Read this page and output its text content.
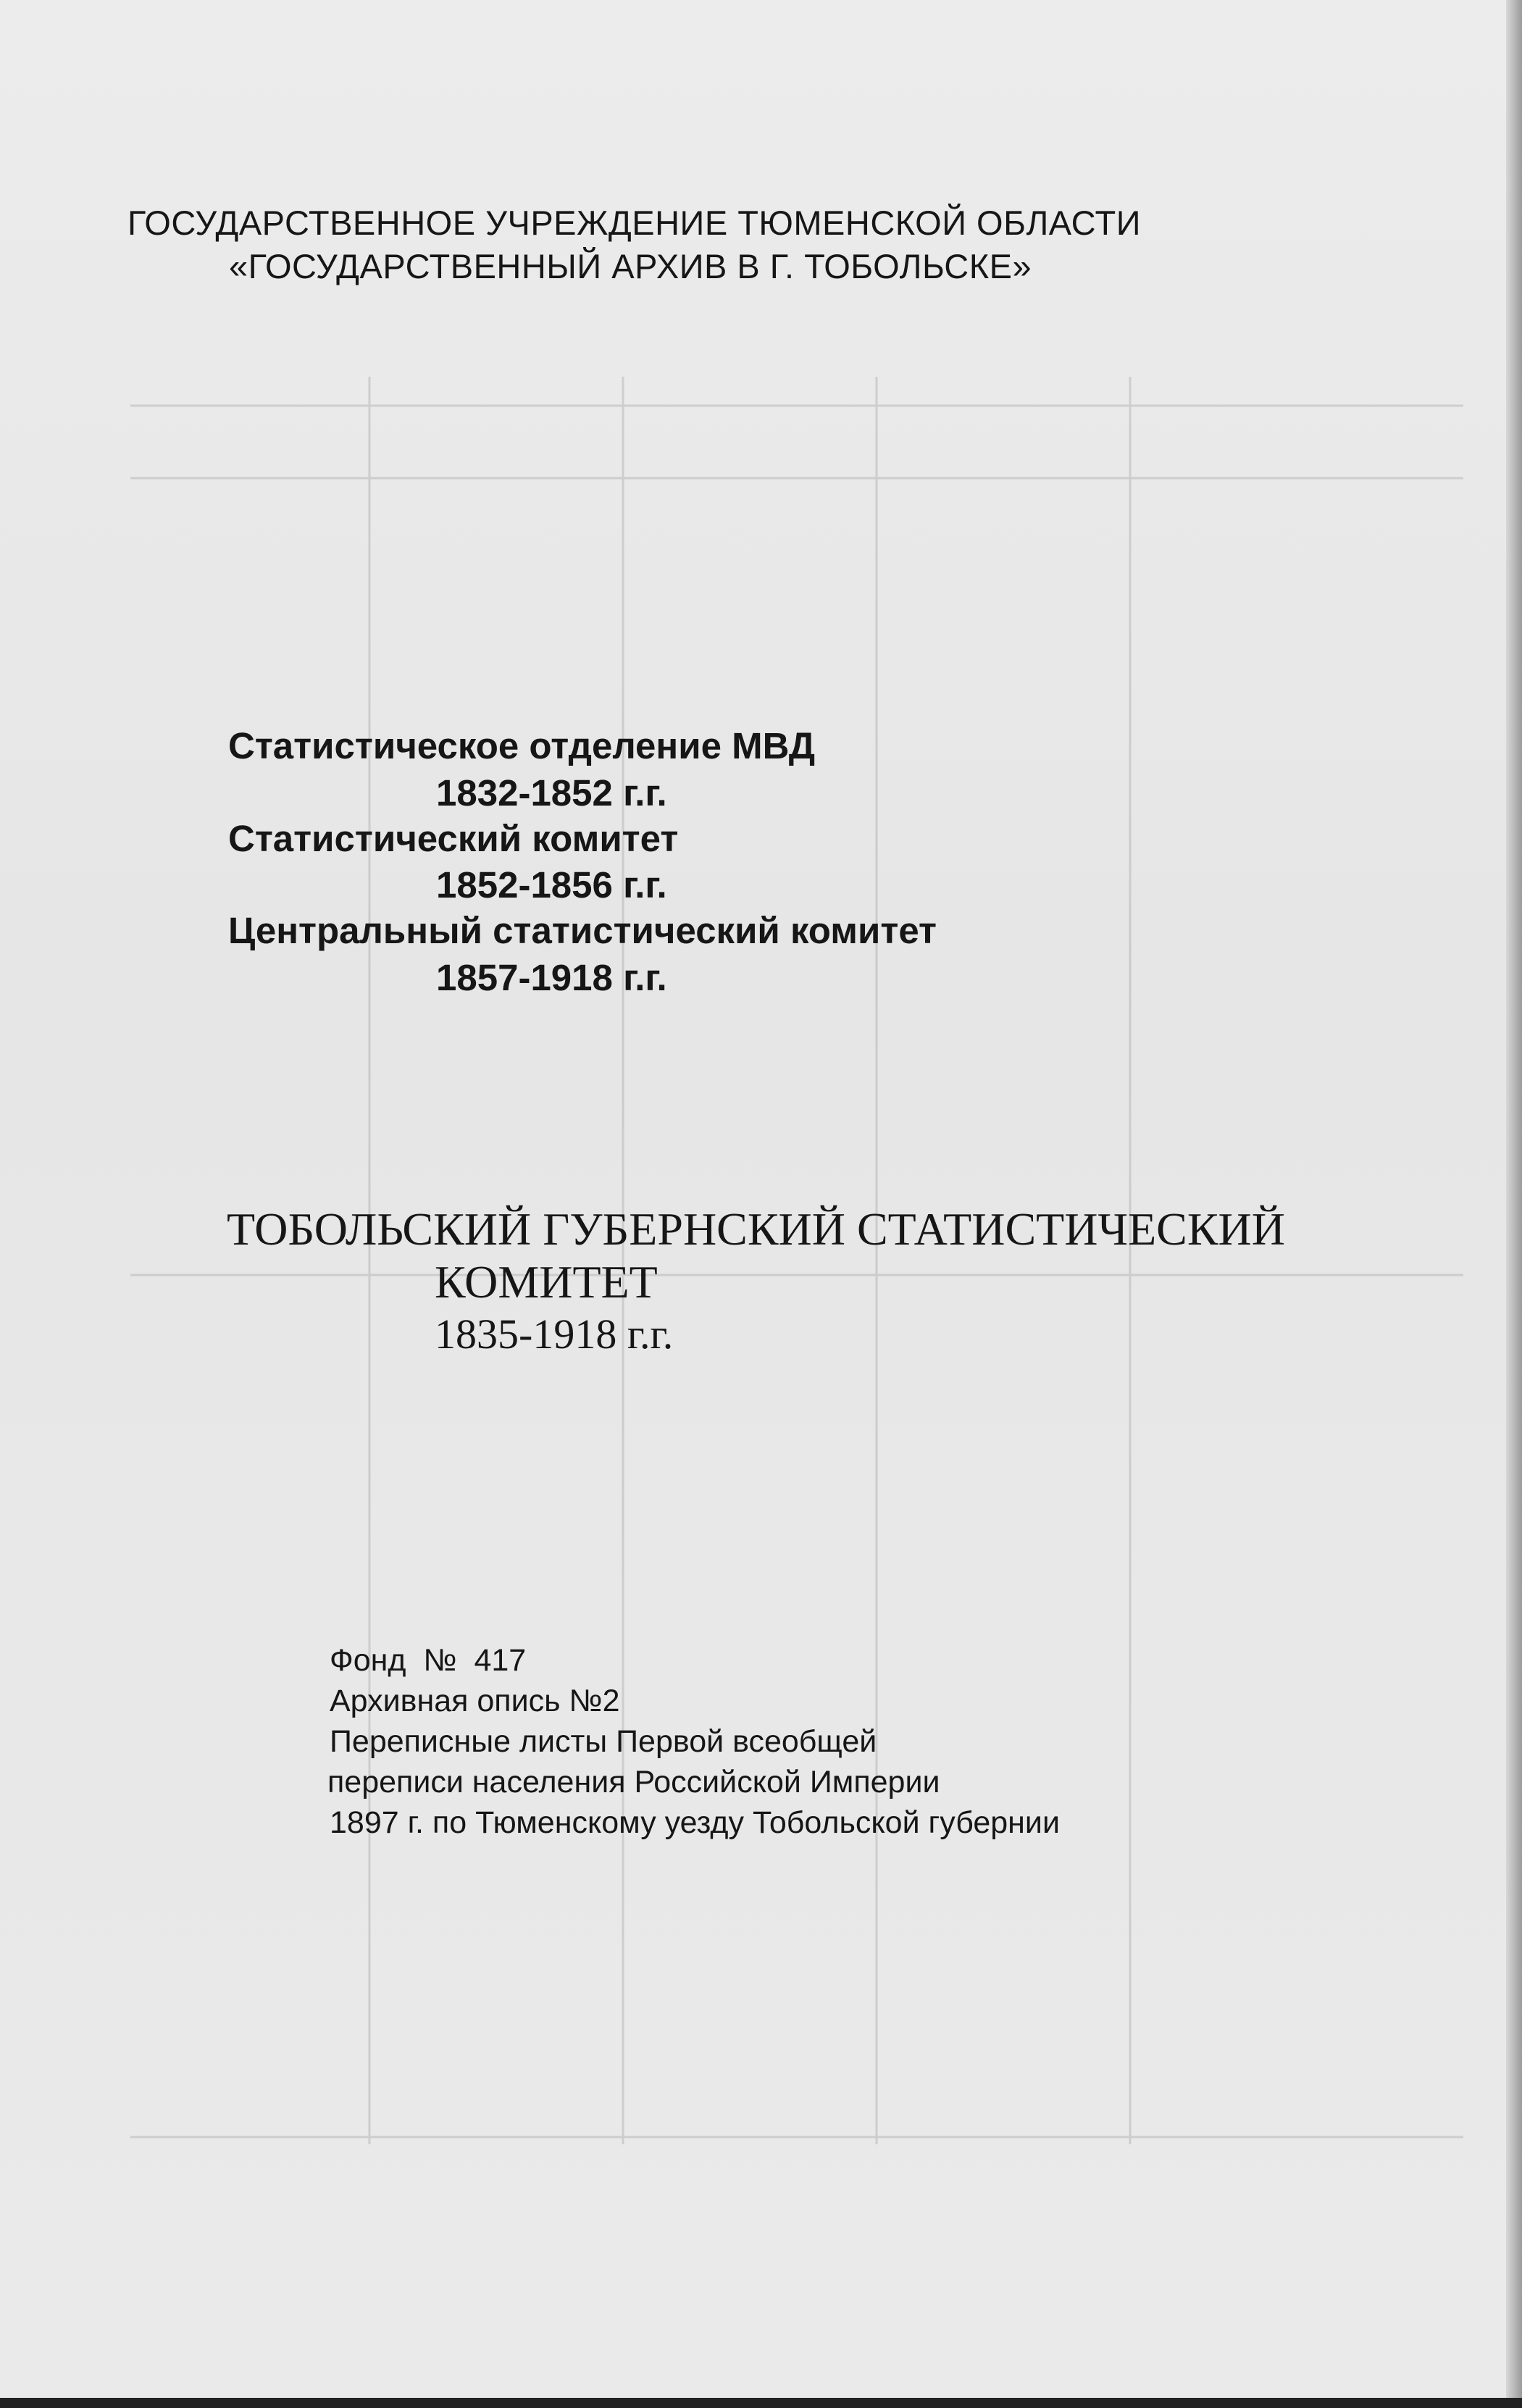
ГОСУДАРСТВЕННОЕ УЧРЕЖДЕНИЕ ТЮМЕНСКОЙ ОБЛАСТИ
«ГОСУДАРСТВЕННЫЙ АРХИВ В Г. ТОБОЛЬСКЕ»
Статистическое отделение МВД
1832-1852 г.г.
Статистический комитет
1852-1856 г.г.
Центральный статистический комитет
1857-1918 г.г.
ТОБОЛЬСКИЙ ГУБЕРНСКИЙ СТАТИСТИЧЕСКИЙ
КОМИТЕТ
1835-1918 г.г.
Фонд № 417
Архивная опись №2
Переписные листы Первой всеобщей
переписи населения Российской Империи
1897 г. по Тюменскому уезду Тобольской губернии
